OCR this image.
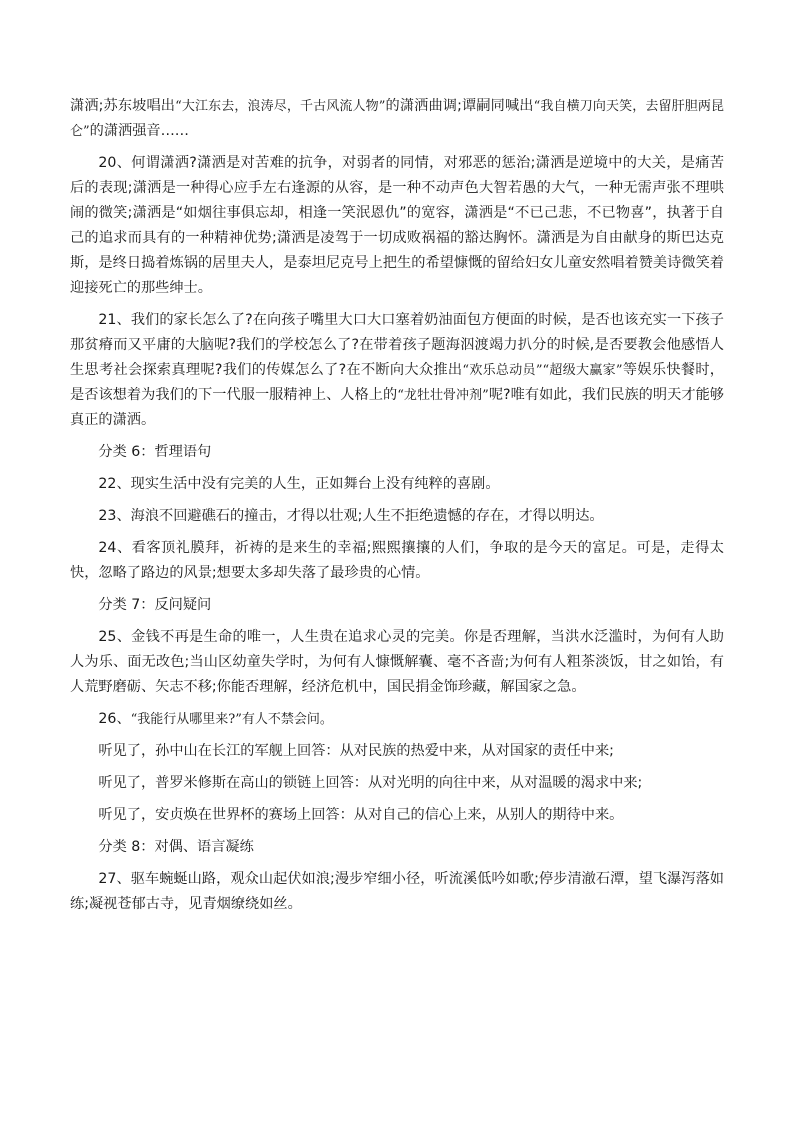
潇洒;苏东坡唱出“大江东去，浪涛尽，千古风流人物”的潇洒曲调;谭嗣同喊出“我自横刀向天笑，去留肝胆两昆仑”的潇洒强音……

20、何谓潇洒?潇洒是对苦难的抗争，对弱者的同情，对邪恶的惩治;潇洒是逆境中的大关，是痛苦后的表现;潇洒是一种得心应手左右逢源的从容，是一种不动声色大智若愚的大气，一种无需声张不理哄闹的微笑;潇洒是“如烟往事俱忘却，相逢一笑泯恩仇”的宽容，潇洒是“不已己悲，不已物喜”，执著于自己的追求而具有的一种精神优势;潇洒是凌驾于一切成败祸福的豁达胸怀。潇洒是为自由献身的斯巴达克斯，是终日捣着炼锅的居里夫人，是泰坦尼克号上把生的希望慷慨的留给妇女儿童安然唱着赞美诗微笑着迎接死亡的那些绅士。

21、我们的家长怎么了?在向孩子嘴里大口大口塞着奶油面包方便面的时候，是否也该充实一下孩子那贫瘠而又平庸的大脑呢?我们的学校怎么了?在带着孩子题海泅渡竭力扒分的时候,是否要教会他感悟人生思考社会探索真理呢?我们的传媒怎么了?在不断向大众推出“欢乐总动员”“超级大赢家”等娱乐快餐时，是否该想着为我们的下一代服一服精神上、人格上的“龙牡壮骨冲剂”呢?唯有如此，我们民族的明天才能够真正的潇洒。

分类 6：哲理语句

22、现实生活中没有完美的人生，正如舞台上没有纯粹的喜剧。

23、海浪不回避礁石的撞击，才得以壮观;人生不拒绝遗憾的存在，才得以明达。

24、看客顶礼膜拜，祈祷的是来生的幸福;熙熙攘攘的人们，争取的是今天的富足。可是，走得太快，忽略了路边的风景;想要太多却失落了最珍贵的心情。

分类 7：反问疑问

25、金钱不再是生命的唯一，人生贵在追求心灵的完美。你是否理解，当洪水泛滥时，为何有人助人为乐、面无改色;当山区幼童失学时，为何有人慷慨解囊、毫不吝啬;为何有人粗茶淡饭，甘之如饴，有人荒野磨砺、矢志不移;你能否理解，经济危机中，国民捐金饰珍藏，解国家之急。

26、“我能行从哪里来?”有人不禁会问。

听见了，孙中山在长江的军舰上回答：从对民族的热爱中来，从对国家的责任中来;

听见了，普罗米修斯在高山的锁链上回答：从对光明的向往中来，从对温暖的渴求中来;

听见了，安贞焕在世界杯的赛场上回答：从对自己的信心上来，从别人的期待中来。

分类 8：对偶、语言凝练

27、驱车蜿蜒山路，观众山起伏如浪;漫步窄细小径，听流溪低吟如歌;停步清澈石潭，望飞瀑泻落如练;凝视苍郁古寺，见青烟缭绕如丝。
